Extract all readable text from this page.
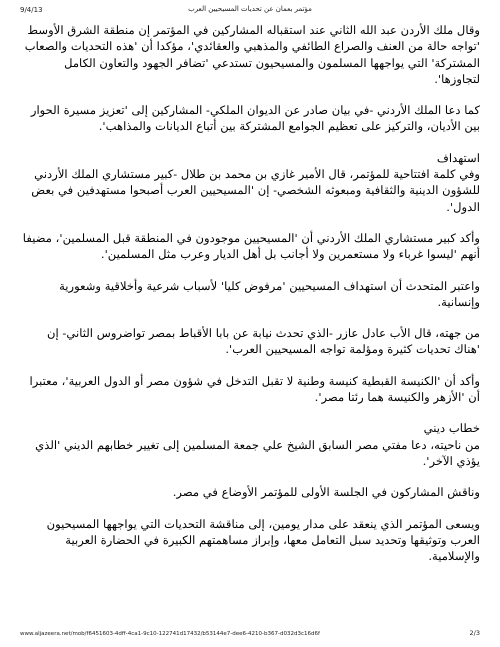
9/4/13	مؤتمر بعمان عن تحديات المسيحيين العرب

وقال ملك الأردن عبد الله الثاني عند استقباله المشاركين في المؤتمر إن منطقة الشرق الأوسط 'تواجه حالة من العنف والصراع الطائفي والمذهبي والعقائدي'، مؤكدا أن 'هذه التحديات والصعاب المشتركة' التي يواجهها المسلمون والمسيحيون تستدعي 'تضافر الجهود والتعاون الكامل لتجاوزها'.

كما دعا الملك الأردني -في بيان صادر عن الديوان الملكي- المشاركين إلى 'تعزيز مسيرة الحوار بين الأديان، والتركيز على تعظيم الجوامع المشتركة بين أتباع الديانات والمذاهب'.

استهداف

وفي كلمة افتتاحية للمؤتمر، قال الأمير غازي بن محمد بن طلال -كبير مستشاري الملك الأردني للشؤون الدينية والثقافية ومبعوثه الشخصي- إن 'المسيحيين العرب أصبحوا مستهدفين في بعض الدول'.

وأكد كبير مستشاري الملك الأردني أن 'المسيحيين موجودون في المنطقة قبل المسلمين'، مضيفا أنهم 'ليسوا غرباء ولا مستعمرين ولا أجانب بل أهل الديار وعرب مثل المسلمين'.

واعتبر المتحدث أن استهداف المسيحيين 'مرفوض كليا' لأسباب شرعية وأخلاقية وشعورية وإنسانية.

من جهته، قال الأب عادل عازر -الذي تحدث نيابة عن بابا الأقباط بمصر تواضروس الثاني- إن 'هناك تحديات كثيرة ومؤلمة تواجه المسيحيين العرب'.

وأكد أن 'الكنيسة القبطية كنيسة وطنية لا تقبل التدخل في شؤون مصر أو الدول العربية'، معتبرا أن 'الأزهر والكنيسة هما رئتا مصر'.

خطاب ديني

من ناحيته، دعا مفتي مصر السابق الشيخ علي جمعة المسلمين إلى تغيير خطابهم الديني 'الذي يؤذي الآخر'.

وناقش المشاركون في الجلسة الأولى للمؤتمر الأوضاع في مصر.

ويسعى المؤتمر الذي ينعقد على مدار يومين، إلى مناقشة التحديات التي يواجهها المسيحيون العرب وتوثيقها وتحديد سبل التعامل معها، وإبراز مساهمتهم الكبيرة في الحضارة العربية والإسلامية.

www.aljazeera.net/mob/f6451603-4dff-4ca1-9c10-122741d17432/b53144e7-dee6-4210-b367-d032d3c16d6f	2/3
